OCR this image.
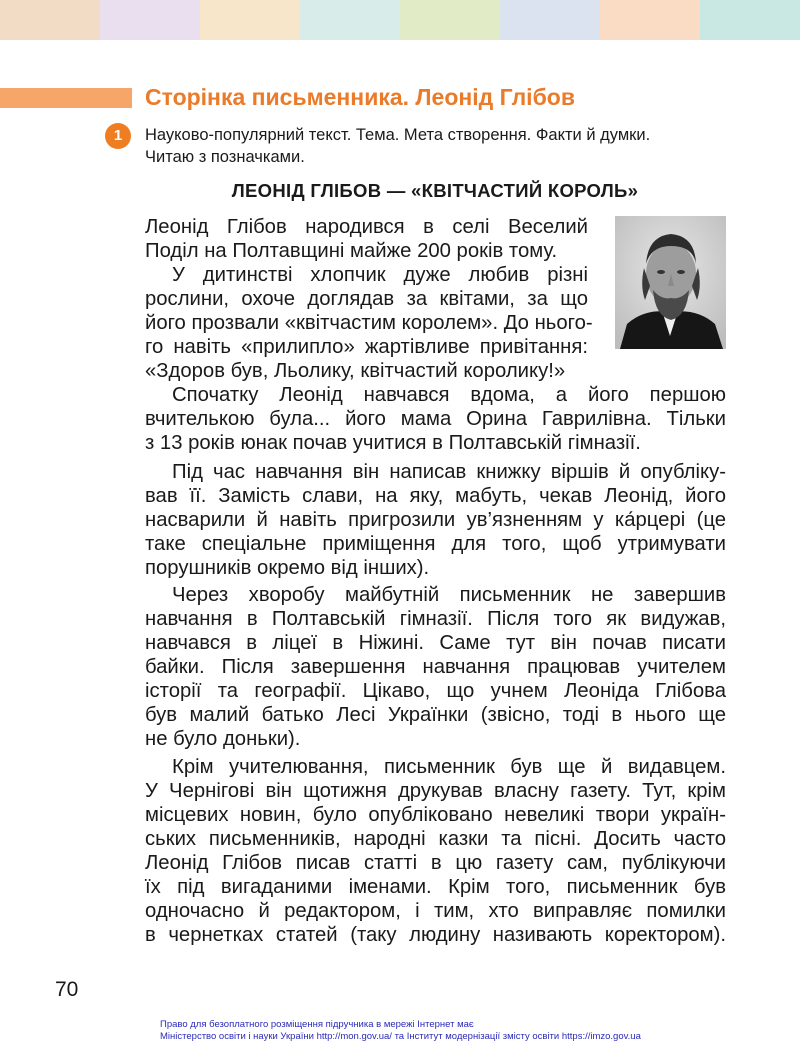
Сторінка письменника. Леонід Глібов
1	Науково-популярний текст. Тема. Мета створення. Факти й думки.
Читаю з позначками.

ЛЕОНІД ГЛІБОВ — «КВІТЧАСТИЙ КОРОЛЬ»

Леонід Глібов народився в селі Веселий

Поділ на Полтавщині майже 200 років тому.

У дитинстві хлопчик дуже любив різні

рослини, охоче доглядав за квітами, за що

його прозвали «квітчастим королем». До нього-

го навіть «прилипло» жартівливе привітання:

«Здоров був, Льолику, квітчастий королику!»

Спочатку Леонід навчався вдома, а його першою

вчителькою була... його мама Орина Гаврилівна. Тільки

з 13 років юнак почав учитися в Полтавській гімназії.

Під час навчання він написав книжку віршів й опубліку-

вав її. Замість слави, на яку, мабуть, чекав Леонід, його

насварили й навіть пригрозили ув’язненням у ка́рцері (це

таке спеціальне приміщення для того, щоб утримувати

порушників окремо від інших).

Через хворобу майбутній письменник не завершив

навчання в Полтавській гімназії. Після того як видужав,

навчався в ліцеї в Ніжині. Саме тут він почав писати

байки. Після завершення навчання працював учителем

історії та географії. Цікаво, що учнем Леоніда Глібова

був малий батько Лесі Українки (звісно, тоді в нього ще

не було доньки).

Крім учителювання, письменник був ще й видавцем.

У Чернігові він щотижня друкував власну газету. Тут, крім

місцевих новин, було опубліковано невеликі твори україн-

ських письменників, народні казки та пісні. Досить часто

Леонід Глібов писав статті в цю газету сам, публікуючи

їх під вигаданими іменами. Крім того, письменник був

одночасно й редактором, і тим, хто виправляє помилки

в чернетках статей (таку людину називають коректором).

70

Право для безоплатного розміщення підручника в мережі Інтернет має
Міністерство освіти і науки України http://mon.gov.ua/ та Інститут модернізації змісту освіти https://imzo.gov.ua
